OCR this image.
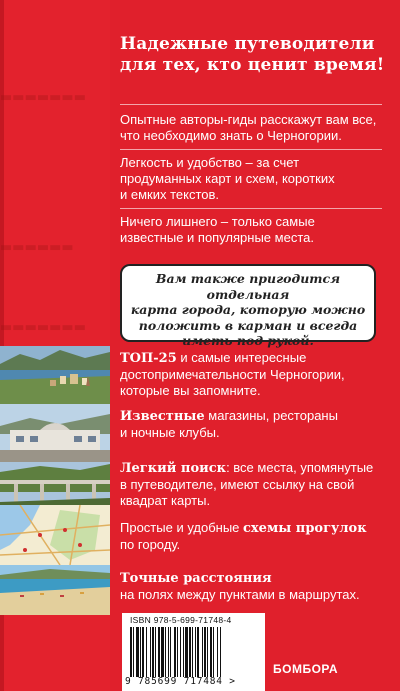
▬▬▬▬▬▬▬
▬▬▬▬▬▬
▬▬▬▬▬▬▬
Надежные путеводители
для тех, кто ценит время!
Опытные авторы-гиды расскажут вам все,
что необходимо знать о Черногории.
Легкость и удобство – за счет
продуманных карт и схем, коротких
и емких текстов.
Ничего лишнего – только самые
известные и популярные места.
Вам также пригодится отдельная
карта города, которую можно
положить в карман и всегда
иметь под рукой.
ТОП-25 и самые интересные
достопримечательности Черногории,
которые вы запомните.
Известные магазины, рестораны
и ночные клубы.
Легкий поиск: все места, упомянутые
в путеводителе, имеют ссылку на свой
квадрат карты.
Простые и удобные схемы прогулок
по городу.
Точные расстояния
на полях между пунктами в маршрутах.
ISBN 978-5-699-71748-4
9 785699 717484 >
БОМБОРА
